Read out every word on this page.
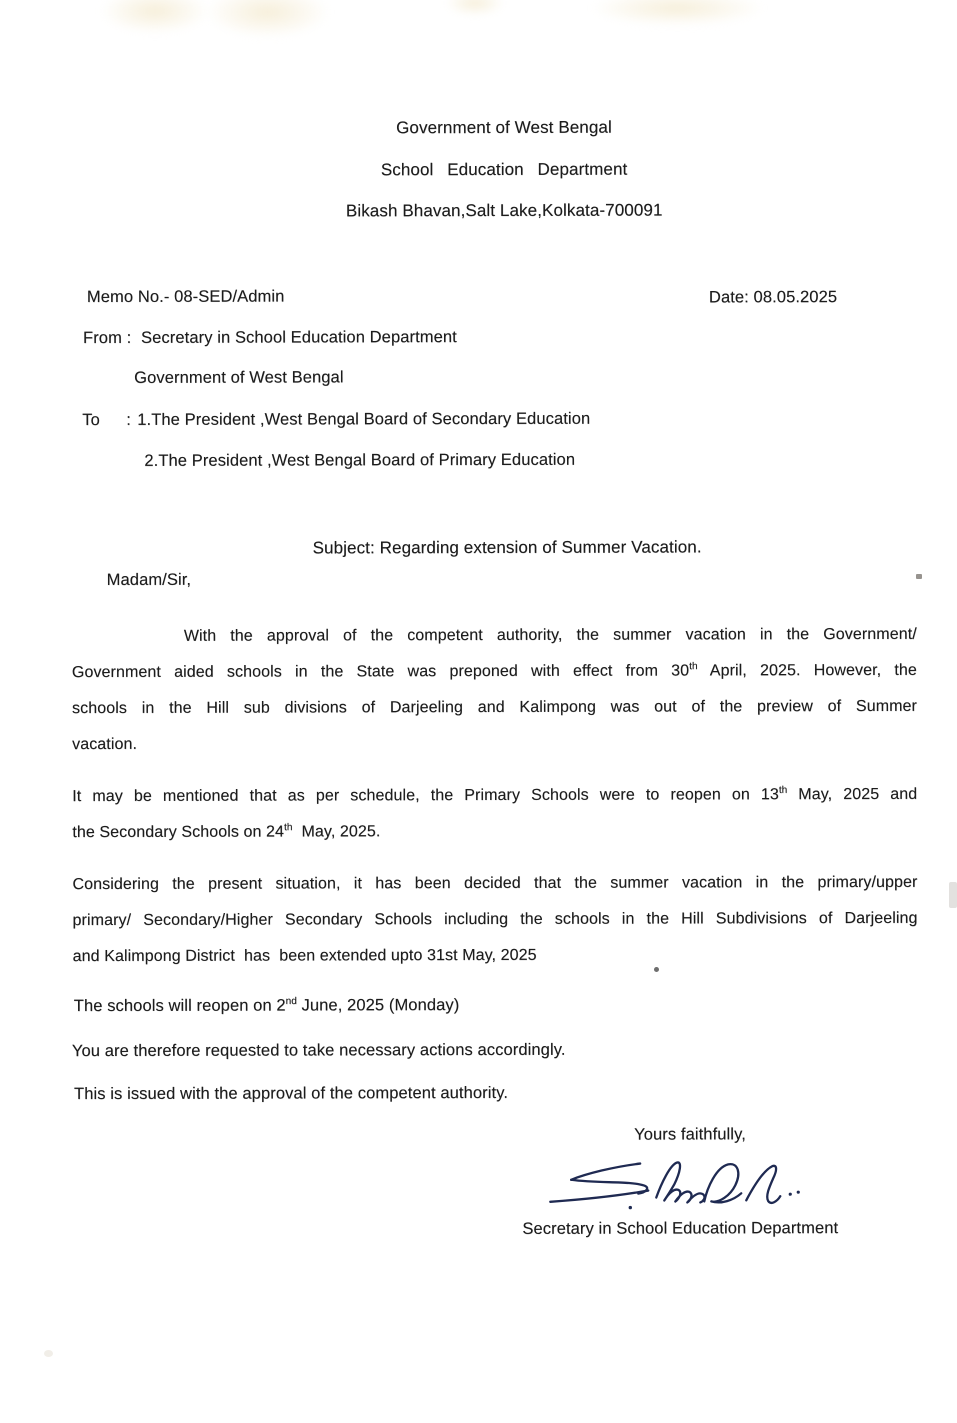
Government of West Bengal
School Education Department
Bikash Bhavan,Salt Lake,Kolkata-700091
Memo No.- 08-SED/Admin	Date: 08.05.2025
From : Secretary in School Education Department
Government of West Bengal
To : 1.The President ,West Bengal Board of Secondary Education
2.The President ,West Bengal Board of Primary Education
Subject: Regarding extension of Summer Vacation.
Madam/Sir,
With the approval of the competent authority, the summer vacation in the Government/
Government aided schools in the State was preponed with effect from 30th April, 2025. However, the
schools in the Hill sub divisions of Darjeeling and Kalimpong was out of the preview of Summer
vacation.
It may be mentioned that as per schedule, the Primary Schools were to reopen on 13th May, 2025 and
the Secondary Schools on 24th  May, 2025.
Considering the present situation, it has been decided that the summer vacation in the primary/upper
primary/ Secondary/Higher Secondary Schools including the schools in the Hill Subdivisions of Darjeeling
and Kalimpong District  has  been extended upto 31st May, 2025
The schools will reopen on 2nd June, 2025 (Monday)
You are therefore requested to take necessary actions accordingly.
This is issued with the approval of the competent authority.
Yours faithfully,
Secretary in School Education Department
